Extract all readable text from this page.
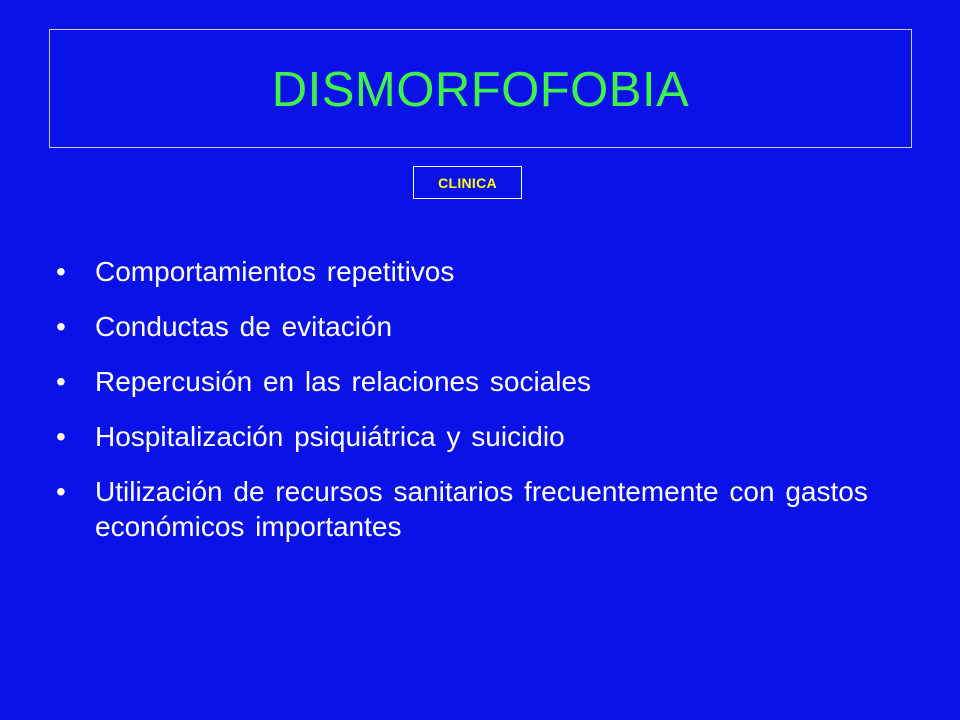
DISMORFOFOBIA
CLINICA
•	Comportamientos repetitivos
•	Conductas de evitación
•	Repercusión en las relaciones sociales
•	Hospitalización psiquiátrica y suicidio
•	Utilización de recursos sanitarios frecuentemente con gastos económicos importantes
